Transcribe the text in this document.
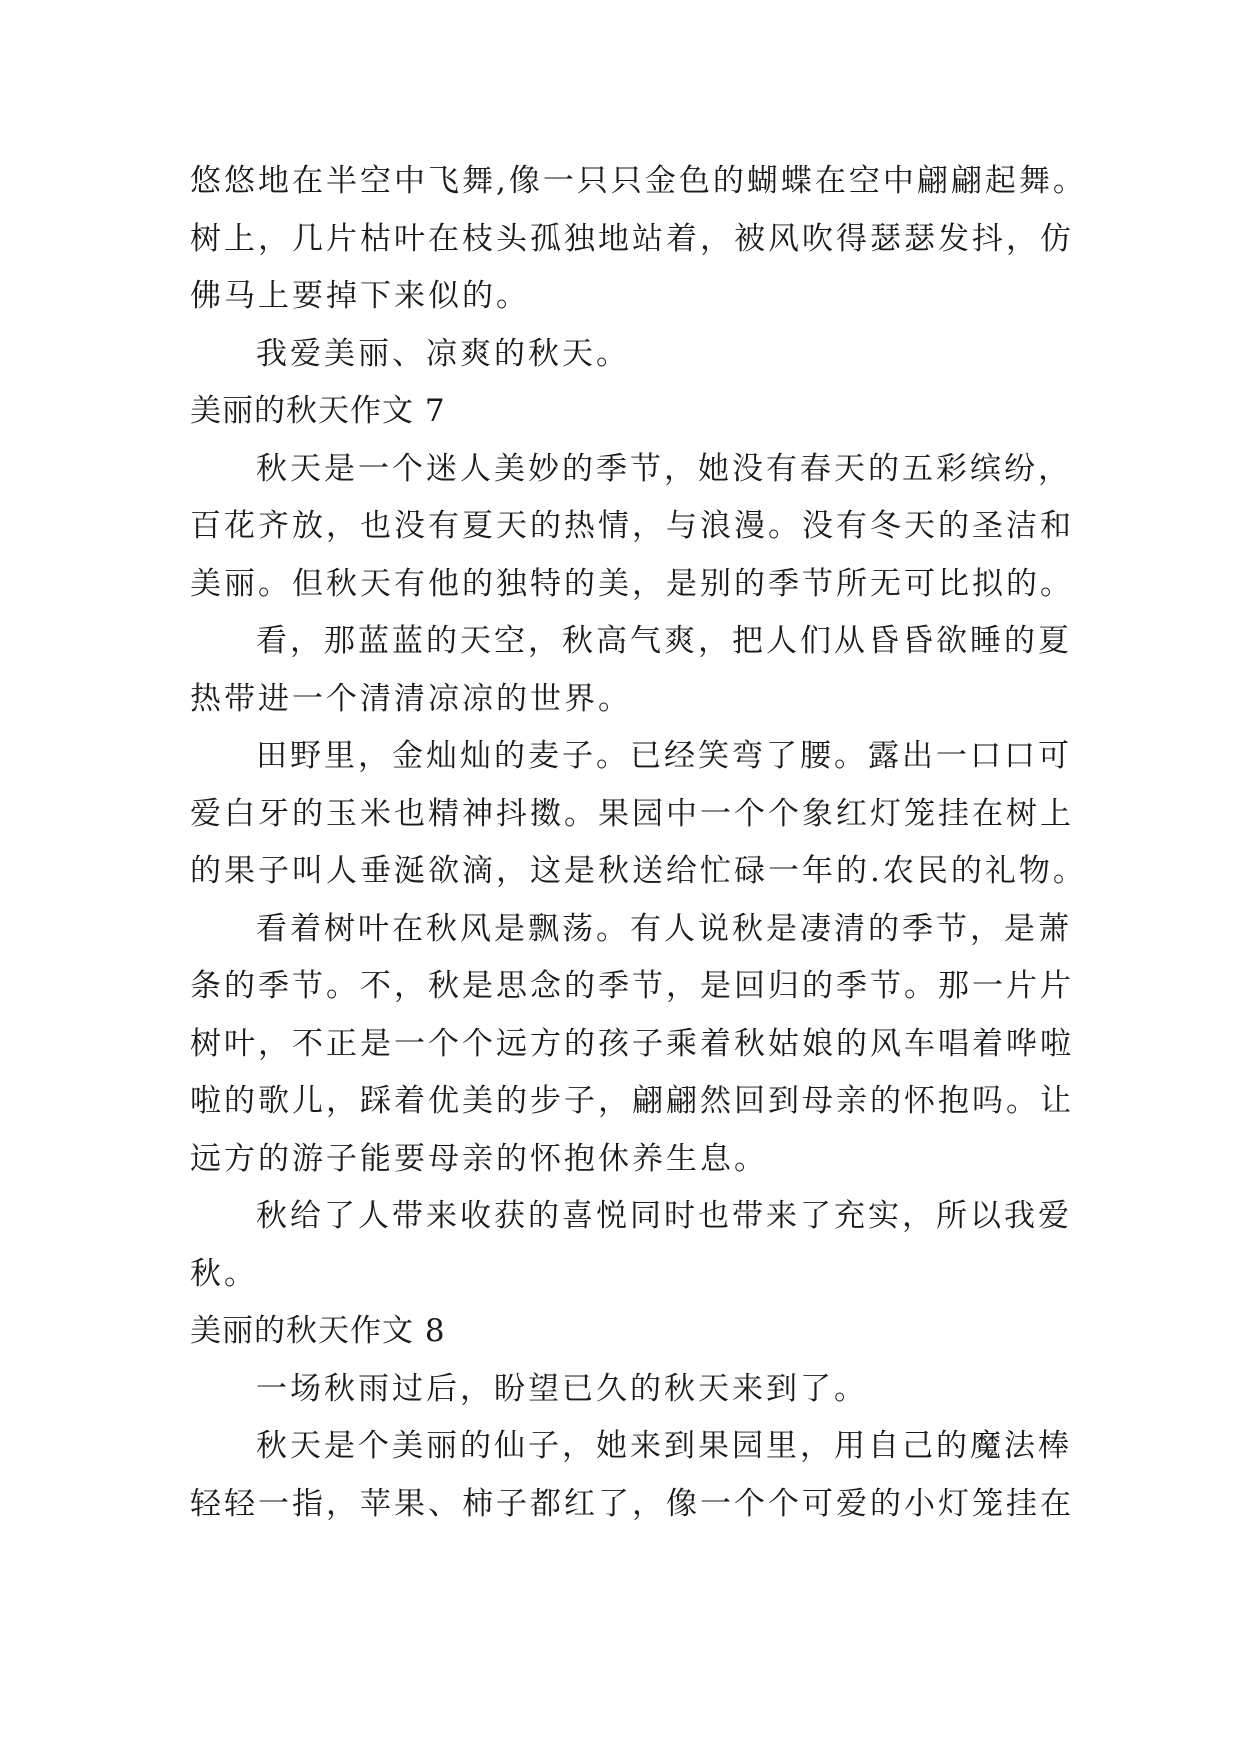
悠悠地在半空中飞舞,像一只只金色的蝴蝶在空中翩翩起舞。
树上，几片枯叶在枝头孤独地站着，被风吹得瑟瑟发抖，仿
佛马上要掉下来似的。
我爱美丽、凉爽的秋天。
美丽的秋天作文 7
秋天是一个迷人美妙的季节，她没有春天的五彩缤纷，
百花齐放，也没有夏天的热情，与浪漫。没有冬天的圣洁和
美丽。但秋天有他的独特的美，是别的季节所无可比拟的。
看，那蓝蓝的天空，秋高气爽，把人们从昏昏欲睡的夏
热带进一个清清凉凉的世界。
田野里，金灿灿的麦子。已经笑弯了腰。露出一口口可
爱白牙的玉米也精神抖擞。果园中一个个象红灯笼挂在树上
的果子叫人垂涎欲滴，这是秋送给忙碌一年的.农民的礼物。
看着树叶在秋风是飘荡。有人说秋是凄清的季节，是萧
条的季节。不，秋是思念的季节，是回归的季节。那一片片
树叶，不正是一个个远方的孩子乘着秋姑娘的风车唱着哗啦
啦的歌儿，踩着优美的步子，翩翩然回到母亲的怀抱吗。让
远方的游子能要母亲的怀抱休养生息。
秋给了人带来收获的喜悦同时也带来了充实，所以我爱
秋。
美丽的秋天作文 8
一场秋雨过后，盼望已久的秋天来到了。
秋天是个美丽的仙子，她来到果园里，用自己的魔法棒
轻轻一指，苹果、柿子都红了，像一个个可爱的小灯笼挂在
